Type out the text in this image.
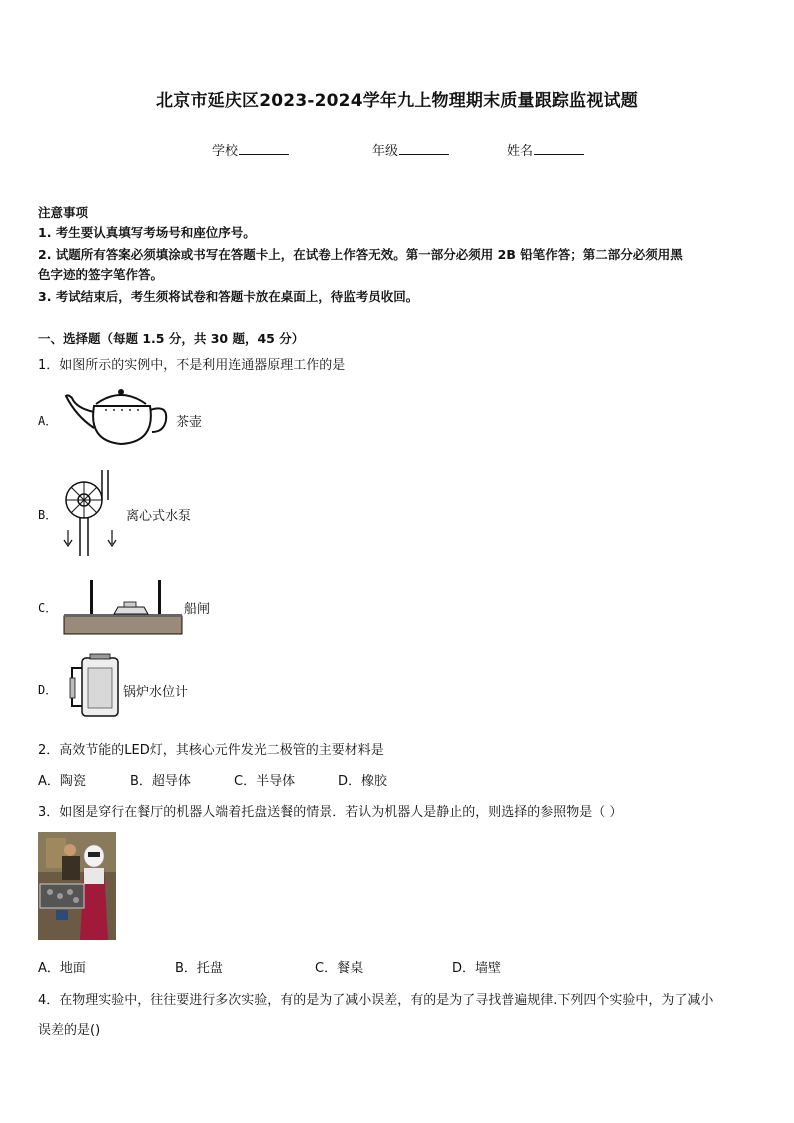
北京市延庆区2023-2024学年九上物理期末质量跟踪监视试题
学校	年级	姓名
注意事项
1. 考生要认真填写考场号和座位序号。
2. 试题所有答案必须填涂或书写在答题卡上，在试卷上作答无效。第一部分必须用 2B 铅笔作答；第二部分必须用黑
色字迹的签字笔作答。
3. 考试结束后，考生须将试卷和答题卡放在桌面上，待监考员收回。
一、选择题（每题 1.5 分，共 30 题，45 分）
1．如图所示的实例中，不是利用连通器原理工作的是
A．	茶壶
B．	离心式水泵
C．	船闸
D．	锅炉水位计
2．高效节能的LED灯，其核心元件发光二极管的主要材料是
A．陶瓷	B．超导体	C．半导体	D．橡胶
3．如图是穿行在餐厅的机器人端着托盘送餐的情景．若认为机器人是静止的，则选择的参照物是（ ）
A．地面	B．托盘	C．餐桌	D．墙壁
4．在物理实验中，往往要进行多次实验，有的是为了减小误差，有的是为了寻找普遍规律.下列四个实验中，为了减小
误差的是()
